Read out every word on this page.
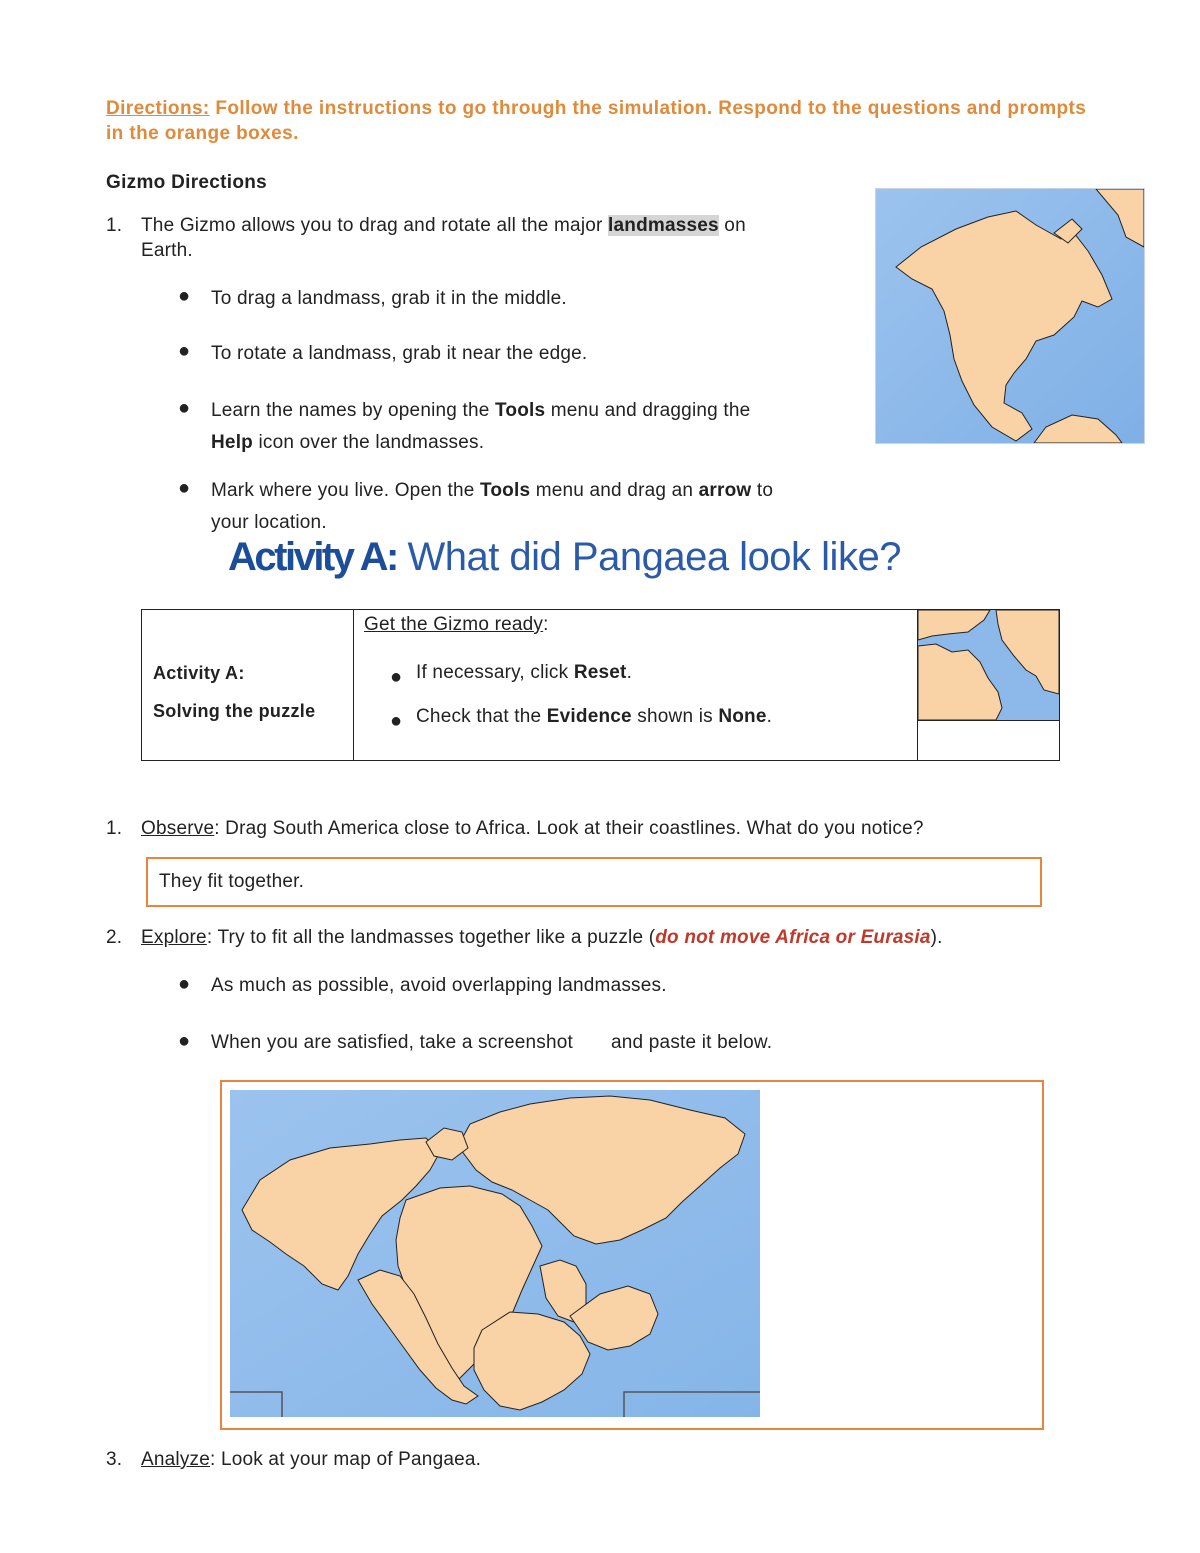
Directions: Follow the instructions to go through the simulation. Respond to the questions and prompts in the orange boxes.
Gizmo Directions
1. The Gizmo allows you to drag and rotate all the major landmasses on
Earth.
● To drag a landmass, grab it in the middle.
● To rotate a landmass, grab it near the edge.
● Learn the names by opening the Tools menu and dragging the
Help icon over the landmasses.
● Mark where you live. Open the Tools menu and drag an arrow to
your location.
Activity A: What did Pangaea look like?
Activity A:
Solving the puzzle

Get the Gizmo ready:
● If necessary, click Reset.
● Check that the Evidence shown is None.

1. Observe: Drag South America close to Africa. Look at their coastlines. What do you notice?
They fit together.
2. Explore: Try to fit all the landmasses together like a puzzle (do not move Africa or Eurasia).
● As much as possible, avoid overlapping landmasses.
● When you are satisfied, take a screenshot and paste it below.
3. Analyze: Look at your map of Pangaea.
